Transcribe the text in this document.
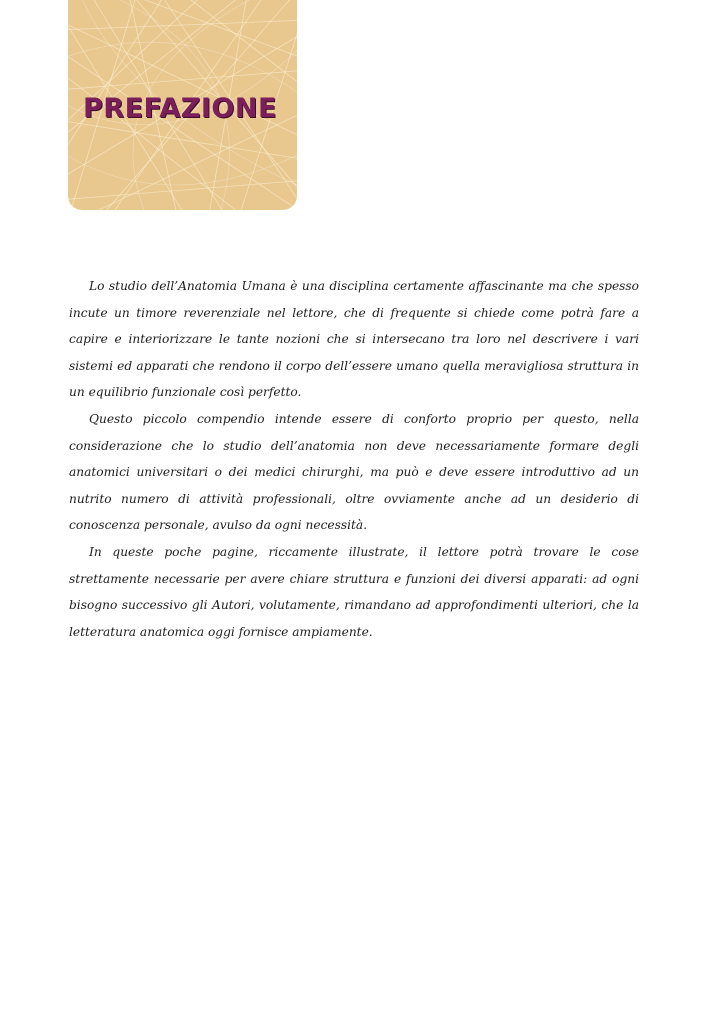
PREFAZIONE

Lo studio dell’Anatomia Umana è una disciplina certamente affascinante ma che spesso incute un timore reverenziale nel lettore, che di frequente si chiede come potrà fare a capire e interiorizzare le tante nozioni che si intersecano tra loro nel descrivere i vari sistemi ed apparati che rendono il corpo dell’essere umano quella meravigliosa struttura in un equilibrio funzionale così perfetto.

Questo piccolo compendio intende essere di conforto proprio per questo, nella considerazione che lo studio dell’anatomia non deve necessariamente formare degli anatomici universitari o dei medici chirurghi, ma può e deve essere introduttivo ad un nutrito numero di attività professionali, oltre ovviamente anche ad un desiderio di conoscenza personale, avulso da ogni necessità.

In queste poche pagine, riccamente illustrate, il lettore potrà trovare le cose strettamente necessarie per avere chiare struttura e funzioni dei diversi apparati: ad ogni bisogno successivo gli Autori, volutamente, rimandano ad approfondimenti ulteriori, che la letteratura anatomica oggi fornisce ampiamente.
